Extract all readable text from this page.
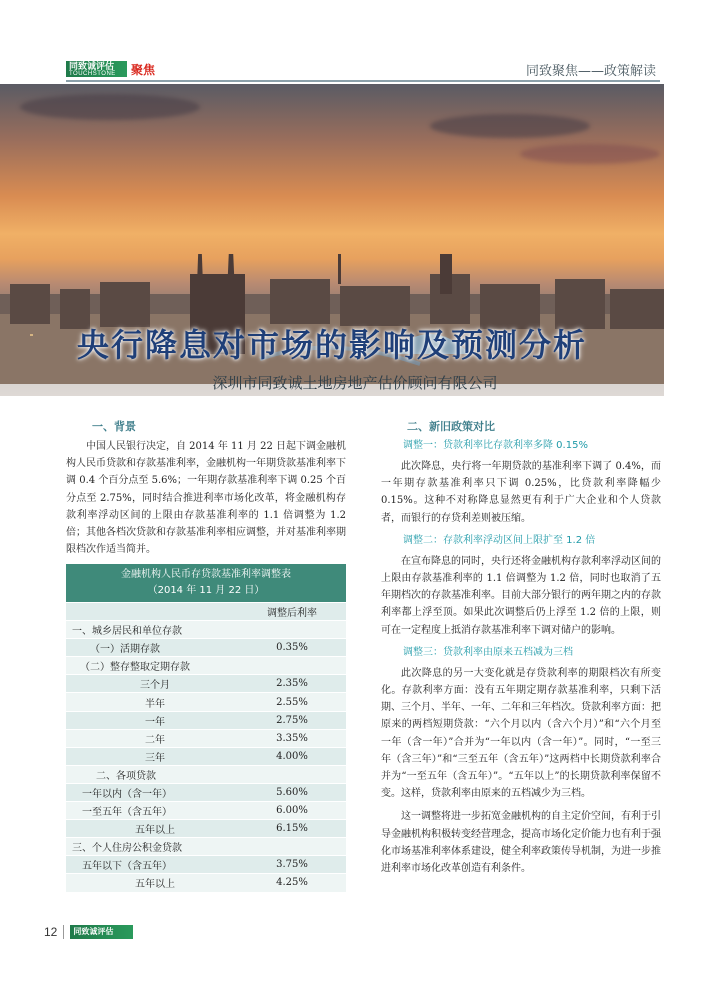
同致诚评估
TOUCHSTONE	聚焦	同致聚焦——政策解读
央行降息对市场的影响及预测分析
深圳市同致诚土地房地产估价顾问有限公司
一、背景

中国人民银行决定，自 2014 年 11 月 22 日起下调金融机构人民币贷款和存款基准利率，金融机构一年期贷款基准利率下调 0.4 个百分点至 5.6%；一年期存款基准利率下调 0.25 个百分点至 2.75%，同时结合推进利率市场化改革，将金融机构存款利率浮动区间的上限由存款基准利率的 1.1 倍调整为 1.2 倍；其他各档次贷款和存款基准利率相应调整，并对基准利率期限档次作适当简并。

金融机构人民币存贷款基准利率调整表
（2014 年 11 月 22 日）	

	调整后利率
一、城乡居民和单位存款	
（一）活期存款	0.35%
（二）整存整取定期存款	
三个月	2.35%
半年	2.55%
一年	2.75%
二年	3.35%
三年	4.00%
二、各项贷款	
一年以内（含一年）	5.60%
一至五年（含五年）	6.00%
五年以上	6.15%
三、个人住房公积金贷款	
五年以下（含五年）	3.75%
五年以上	4.25%
二、新旧政策对比
调整一：贷款利率比存款利率多降 0.15%

此次降息，央行将一年期贷款的基准利率下调了 0.4%，而一年期存款基准利率只下调 0.25%，比贷款利率降幅少 0.15%。这种不对称降息显然更有利于广大企业和个人贷款者，而银行的存贷利差则被压缩。

调整二：存款利率浮动区间上限扩至 1.2 倍

在宣布降息的同时，央行还将金融机构存款利率浮动区间的上限由存款基准利率的 1.1 倍调整为 1.2 倍，同时也取消了五年期档次的存款基准利率。目前大部分银行的两年期之内的存款利率都上浮至顶。如果此次调整后仍上浮至 1.2 倍的上限，则可在一定程度上抵消存款基准利率下调对储户的影响。

调整三：贷款利率由原来五档减为三档

此次降息的另一大变化就是存贷款利率的期限档次有所变化。存款利率方面：没有五年期定期存款基准利率，只剩下活期、三个月、半年、一年、二年和三年档次。贷款利率方面：把原来的两档短期贷款：“六个月以内（含六个月）”和“六个月至一年（含一年）”合并为“一年以内（含一年）”。同时，“一至三年（含三年）”和“三至五年（含五年）”这两档中长期贷款利率合并为“一至五年（含五年）”。“五年以上”的长期贷款利率保留不变。这样，贷款利率由原来的五档减少为三档。

这一调整将进一步拓宽金融机构的自主定价空间，有利于引导金融机构积极转变经营理念，提高市场化定价能力也有利于强化市场基准利率体系建设，健全利率政策传导机制，为进一步推进利率市场化改革创造有利条件。

12	同致诚评估
